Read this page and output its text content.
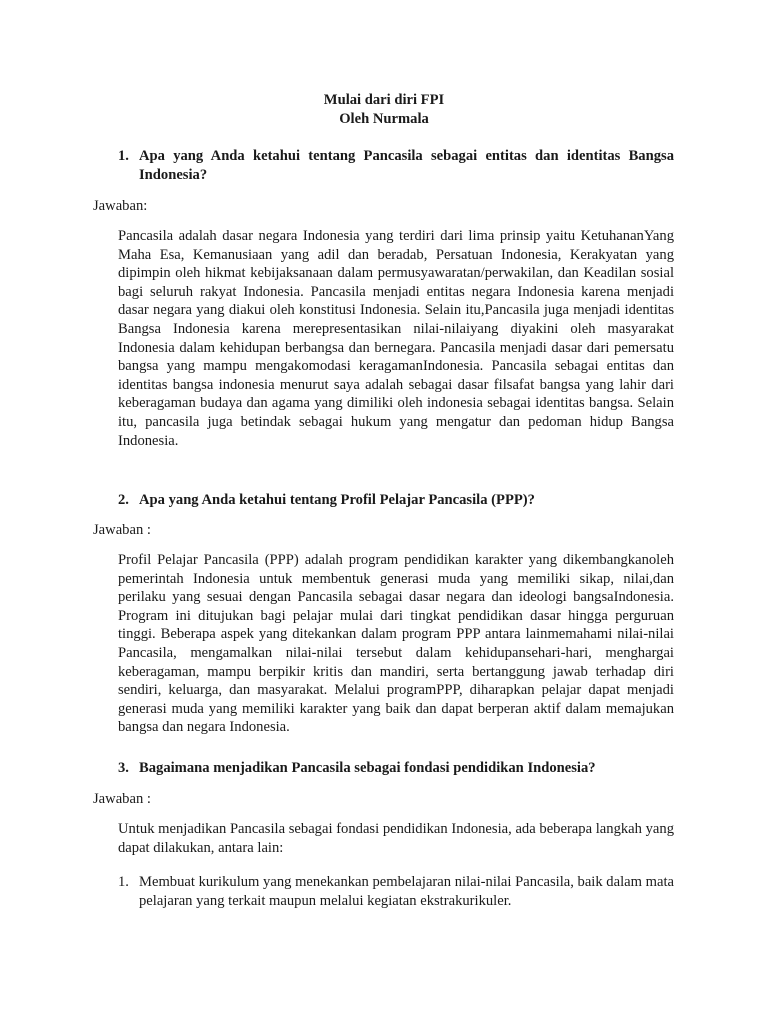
Mulai dari diri FPI
Oleh Nurmala
1. Apa yang Anda ketahui tentang Pancasila sebagai entitas dan identitas Bangsa Indonesia?
Jawaban:
Pancasila adalah dasar negara Indonesia yang terdiri dari lima prinsip yaitu KetuhananYang Maha Esa, Kemanusiaan yang adil dan beradab, Persatuan Indonesia, Kerakyatan yang dipimpin oleh hikmat kebijaksanaan dalam permusyawaratan/perwakilan, dan Keadilan sosial bagi seluruh rakyat Indonesia. Pancasila menjadi entitas negara Indonesia karena menjadi dasar negara yang diakui oleh konstitusi Indonesia. Selain itu,Pancasila juga menjadi identitas Bangsa Indonesia karena merepresentasikan nilai-nilaiyang diyakini oleh masyarakat Indonesia dalam kehidupan berbangsa dan bernegara. Pancasila menjadi dasar dari pemersatu bangsa yang mampu mengakomodasi keragamanIndonesia. Pancasila sebagai entitas dan identitas bangsa indonesia menurut saya adalah sebagai dasar filsafat bangsa yang lahir dari keberagaman budaya dan agama yang dimiliki oleh indonesia sebagai identitas bangsa. Selain itu, pancasila juga betindak sebagai hukum yang mengatur dan pedoman hidup Bangsa Indonesia.
2. Apa yang Anda ketahui tentang Profil Pelajar Pancasila (PPP)?
Jawaban :
Profil Pelajar Pancasila (PPP) adalah program pendidikan karakter yang dikembangkanoleh pemerintah Indonesia untuk membentuk generasi muda yang memiliki sikap, nilai,dan perilaku yang sesuai dengan Pancasila sebagai dasar negara dan ideologi bangsaIndonesia. Program ini ditujukan bagi pelajar mulai dari tingkat pendidikan dasar hingga perguruan tinggi. Beberapa aspek yang ditekankan dalam program PPP antara lainmemahami nilai-nilai Pancasila, mengamalkan nilai-nilai tersebut dalam kehidupansehari-hari, menghargai keberagaman, mampu berpikir kritis dan mandiri, serta bertanggung jawab terhadap diri sendiri, keluarga, dan masyarakat. Melalui programPPP, diharapkan pelajar dapat menjadi generasi muda yang memiliki karakter yang baik dan dapat berperan aktif dalam memajukan bangsa dan negara Indonesia.
3. Bagaimana menjadikan Pancasila sebagai fondasi pendidikan Indonesia?
Jawaban :
Untuk menjadikan Pancasila sebagai fondasi pendidikan Indonesia, ada beberapa langkah yang dapat dilakukan, antara lain:
1. Membuat kurikulum yang menekankan pembelajaran nilai-nilai Pancasila, baik dalam mata pelajaran yang terkait maupun melalui kegiatan ekstrakurikuler.
